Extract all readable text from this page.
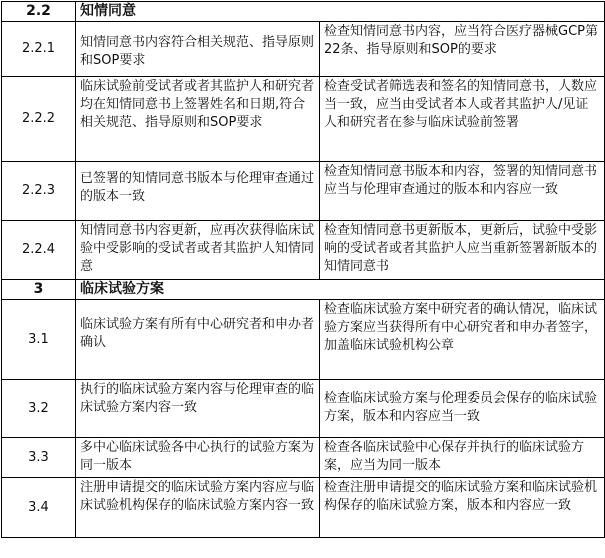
2.2	知情同意	
2.2.1	知情同意书内容符合相关规范、指导原则和SOP要求	检查知情同意书内容，应当符合医疗器械GCP第22条、指导原则和SOP的要求
2.2.2	临床试验前受试者或者其监护人和研究者均在知情同意书上签署姓名和日期,符合相关规范、指导原则和SOP要求	检查受试者筛选表和签名的知情同意书，人数应当一致，应当由受试者本人或者其监护人/见证人和研究者在参与临床试验前签署
2.2.3	已签署的知情同意书版本与伦理审查通过的版本一致	检查知情同意书版本和内容，签署的知情同意书应当与伦理审查通过的版本和内容应一致
2.2.4	知情同意书内容更新，应再次获得临床试验中受影响的受试者或者其监护人知情同意	检查知情同意书更新版本，更新后，试验中受影响的受试者或者其监护人应当重新签署新版本的知情同意书
3	临床试验方案	
3.1	临床试验方案有所有中心研究者和申办者确认	检查临床试验方案中研究者的确认情况，临床试验方案应当获得所有中心研究者和申办者签字，加盖临床试验机构公章
3.2	执行的临床试验方案内容与伦理审查的临床试验方案内容一致	检查临床试验方案与伦理委员会保存的临床试验方案，版本和内容应当一致
3.3	多中心临床试验各中心执行的试验方案为同一版本	检查各临床试验中心保存并执行的临床试验方案，应当为同一版本
3.4	注册申请提交的临床试验方案内容应与临床试验机构保存的临床试验方案内容一致	检查注册申请提交的临床试验方案和临床试验机构保存的临床试验方案，版本和内容应一致
